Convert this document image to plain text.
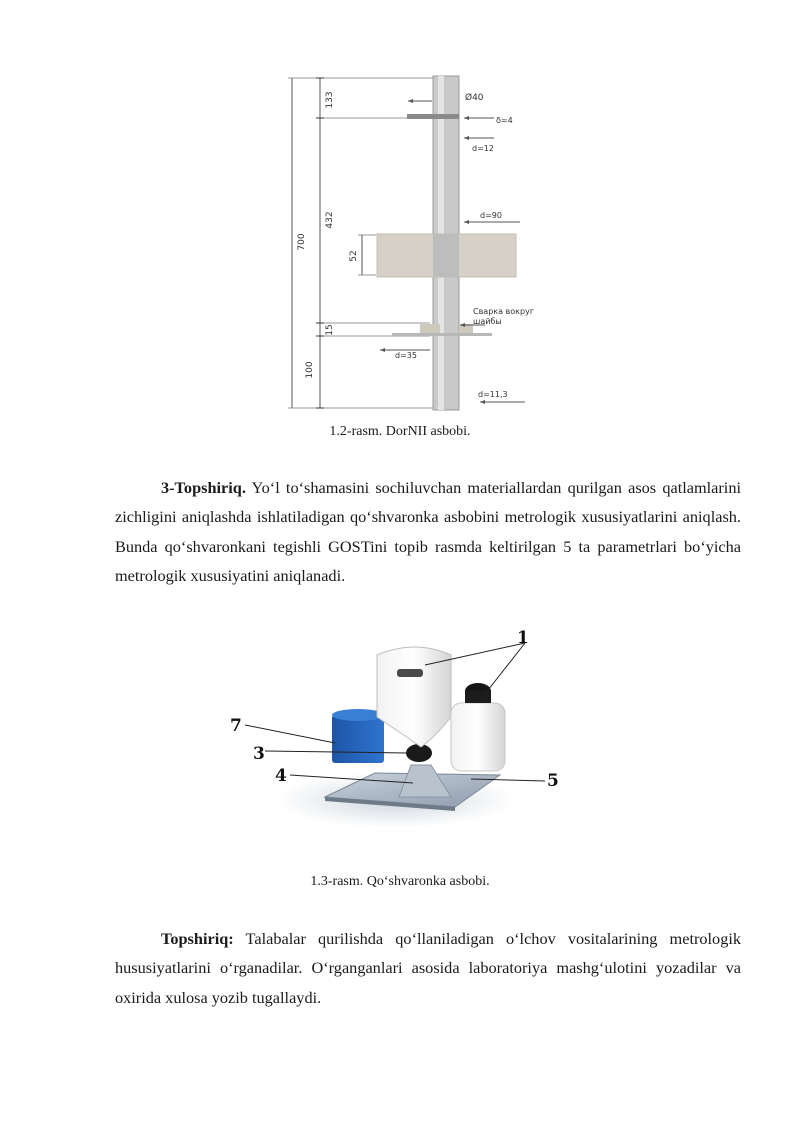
133
432
700
52
15
100
Ø40
δ=4
d=12
d=90
Сварка вокруг
шайбы
d=35
d=11,3
1.2-rasm. DorNII asbobi.

3-Topshiriq. Yo‘l to‘shamasini sochiluvchan materiallardan qurilgan asos qatlamlarini zichligini aniqlashda ishlatiladigan qo‘shvaronka asbobini metrologik xususiyatlarini aniqlash. Bunda qo‘shvaronkani tegishli GOSTini topib rasmda keltirilgan 5 ta parametrlari bo‘yicha metrologik xususiyatini aniqlanadi.

1
7
3
4	5
1.3-rasm. Qo‘shvaronka asbobi.

Topshiriq: Talabalar qurilishda qo‘llaniladigan o‘lchov vositalarining metrologik hususiyatlarini o‘rganadilar. O‘rganganlari asosida laboratoriya mashg‘ulotini yozadilar va oxirida xulosa yozib tugallaydi.
